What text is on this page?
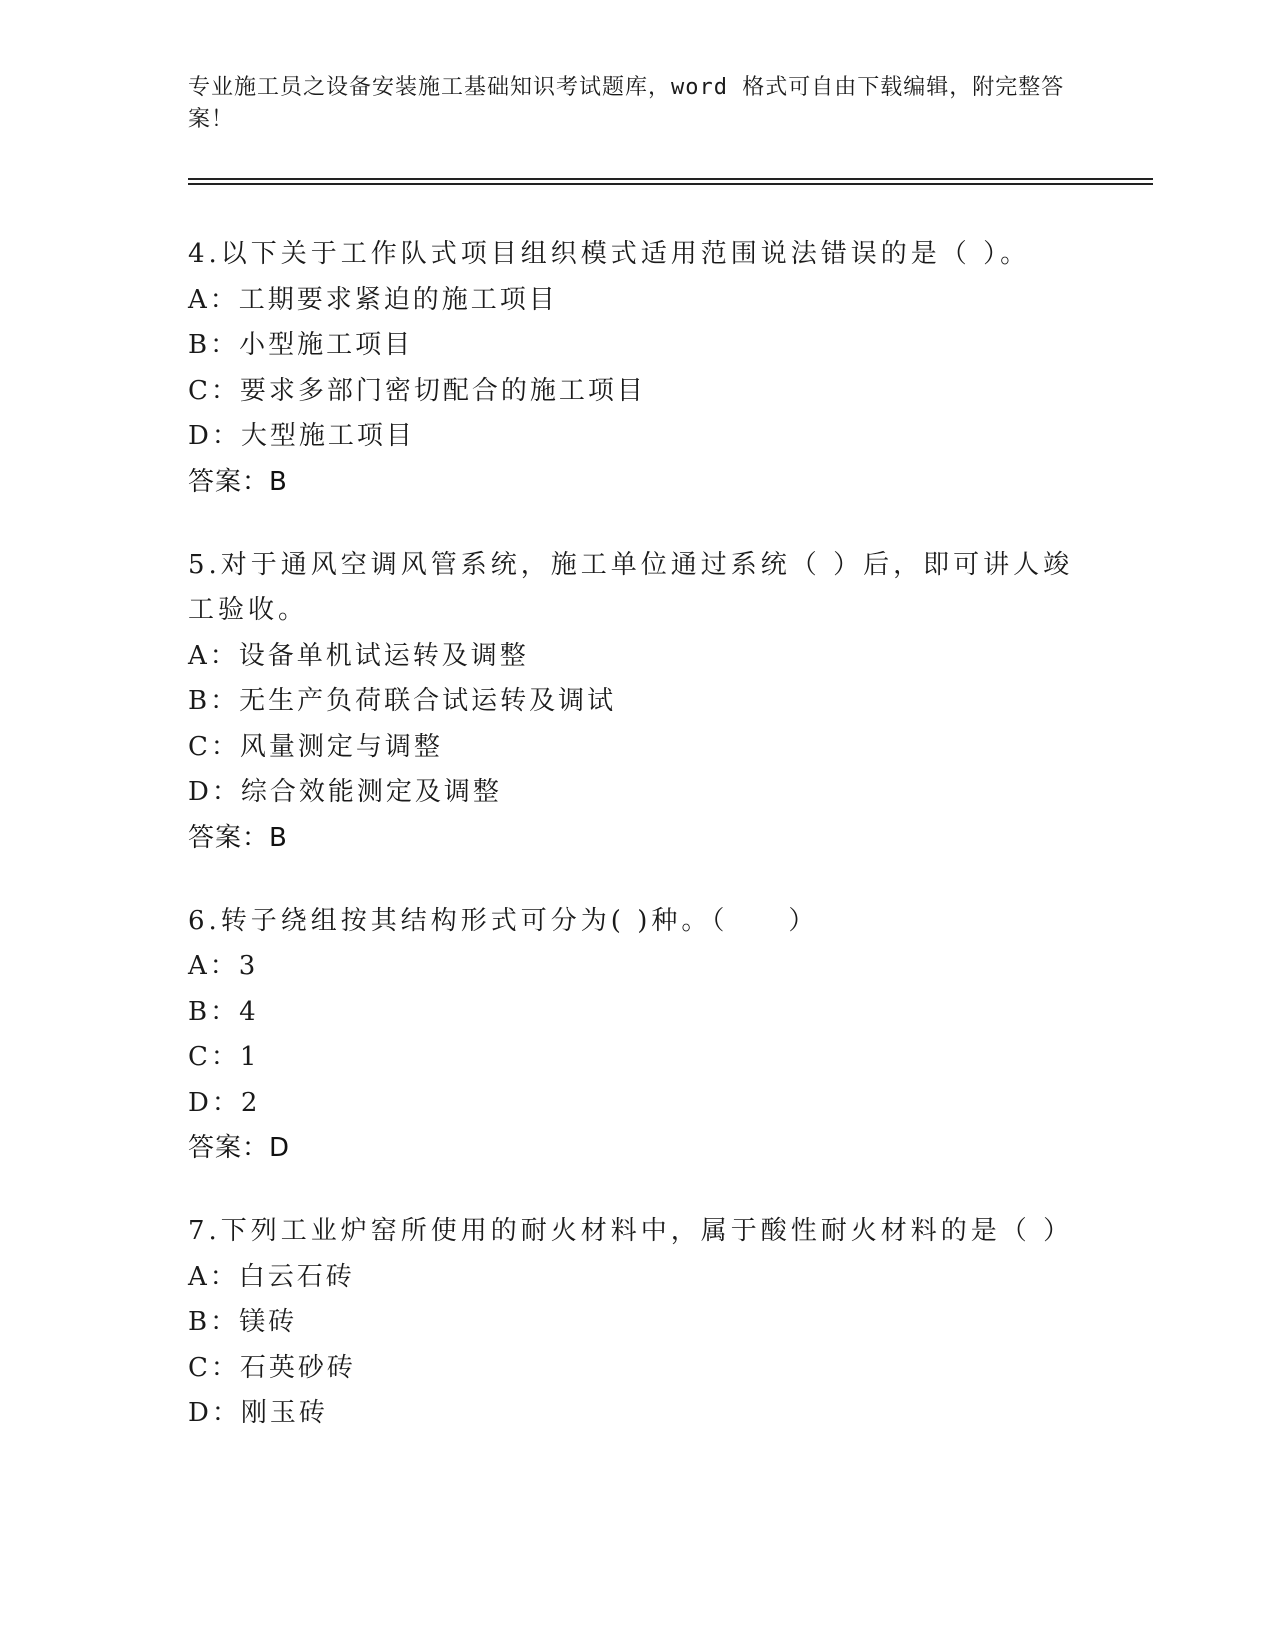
专业施工员之设备安装施工基础知识考试题库，word 格式可自由下载编辑，附完整答案！
4.以下关于工作队式项目组织模式适用范围说法错误的是（ ）。
A：工期要求紧迫的施工项目
B：小型施工项目
C：要求多部门密切配合的施工项目
D：大型施工项目
答案：B
5.对于通风空调风管系统，施工单位通过系统（ ）后，即可讲人竣工验收。
A：设备单机试运转及调整
B：无生产负荷联合试运转及调试
C：风量测定与调整
D：综合效能测定及调整
答案：B
6.转子绕组按其结构形式可分为( )种。（　　）
A：3
B：4
C：1
D：2
答案：D
7.下列工业炉窑所使用的耐火材料中，属于酸性耐火材料的是（ ）
A：白云石砖
B：镁砖
C：石英砂砖
D：刚玉砖
